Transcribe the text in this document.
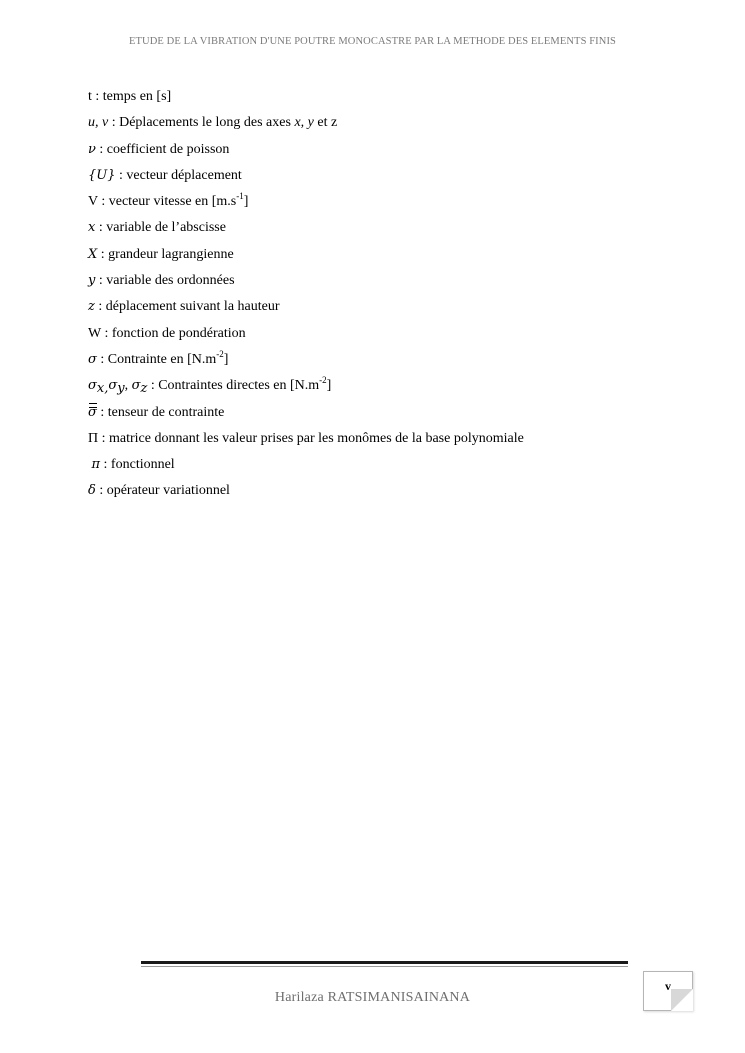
ETUDE DE LA VIBRATION D'UNE POUTRE MONOCASTRE PAR LA METHODE DES ELEMENTS FINIS
t : temps en [s]
u, v : Déplacements le long des axes x, y et z
ν : coefficient de poisson
{U} : vecteur déplacement
V : vecteur vitesse en $[m.s^{-1}]$
x : variable de l’abscisse
X : grandeur lagrangienne
y : variable des ordonnées
z : déplacement suivant la hauteur
W : fonction de pondération
σ : Contrainte en $[N.m^{-2}]$
$\sigma_{x,}\sigma_y$, $\sigma_z$ : Contraintes directes en $[N.m^{-2}]$
σ : tenseur de contrainte
Π : matrice donnant les valeur prises par les monômes de la base polynomiale
π : fonctionnel
δ : opérateur variationnel
Harilaza RATSIMANISAINANA
v
